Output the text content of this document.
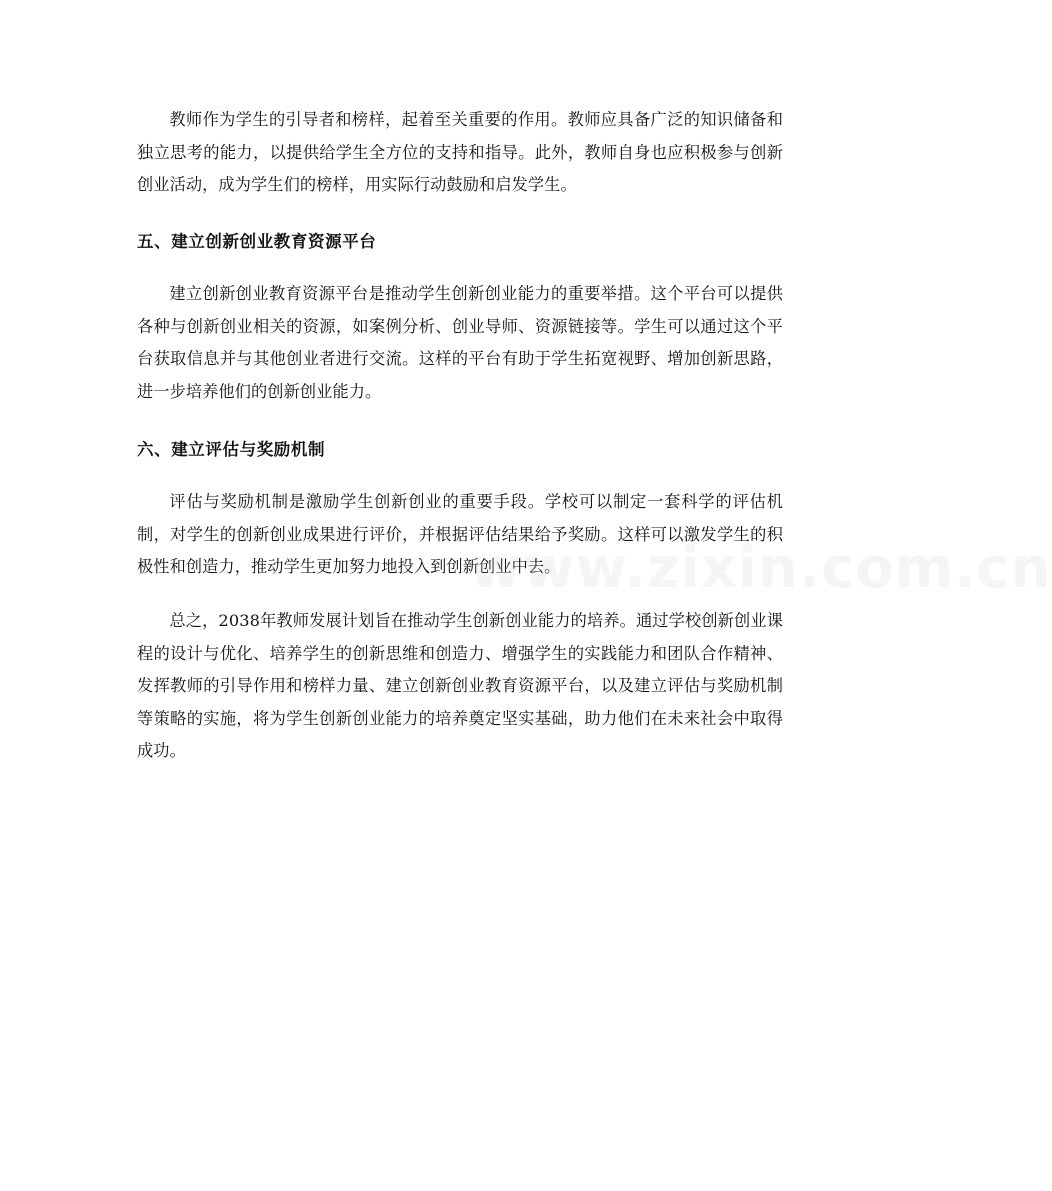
教师作为学生的引导者和榜样，起着至关重要的作用。教师应具备广泛的知识储备和独立思考的能力，以提供给学生全方位的支持和指导。此外，教师自身也应积极参与创新创业活动，成为学生们的榜样，用实际行动鼓励和启发学生。

五、建立创新创业教育资源平台

建立创新创业教育资源平台是推动学生创新创业能力的重要举措。这个平台可以提供各种与创新创业相关的资源，如案例分析、创业导师、资源链接等。学生可以通过这个平台获取信息并与其他创业者进行交流。这样的平台有助于学生拓宽视野、增加创新思路，进一步培养他们的创新创业能力。

六、建立评估与奖励机制

评估与奖励机制是激励学生创新创业的重要手段。学校可以制定一套科学的评估机制，对学生的创新创业成果进行评价，并根据评估结果给予奖励。这样可以激发学生的积极性和创造力，推动学生更加努力地投入到创新创业中去。

总之，2038年教师发展计划旨在推动学生创新创业能力的培养。通过学校创新创业课程的设计与优化、培养学生的创新思维和创造力、增强学生的实践能力和团队合作精神、发挥教师的引导作用和榜样力量、建立创新创业教育资源平台，以及建立评估与奖励机制等策略的实施，将为学生创新创业能力的培养奠定坚实基础，助力他们在未来社会中取得成功。

www.zixin.com.cn
